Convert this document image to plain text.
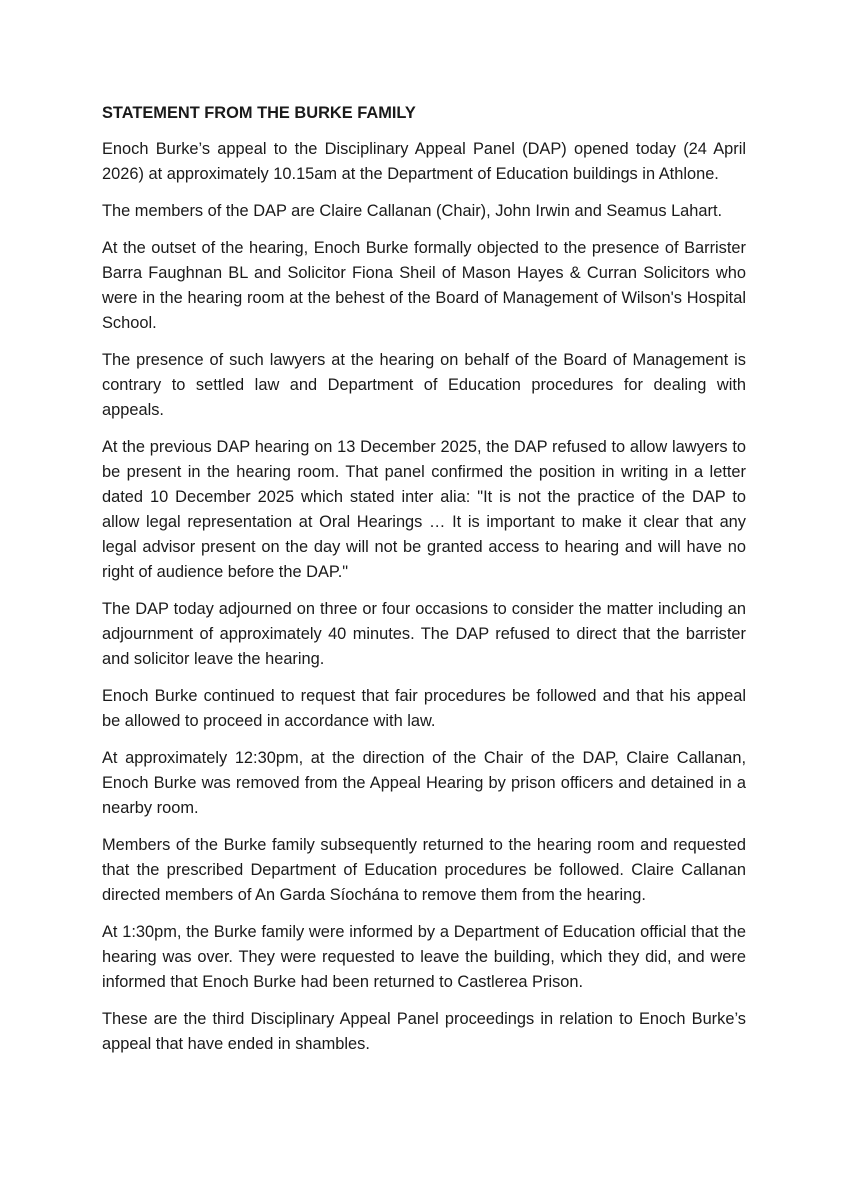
STATEMENT FROM THE BURKE FAMILY

Enoch Burke’s appeal to the Disciplinary Appeal Panel (DAP) opened today (24 April 2026) at approximately 10.15am at the Department of Education buildings in Athlone.

The members of the DAP are Claire Callanan (Chair), John Irwin and Seamus Lahart.

At the outset of the hearing, Enoch Burke formally objected to the presence of Barrister Barra Faughnan BL and Solicitor Fiona Sheil of Mason Hayes & Curran Solicitors who were in the hearing room at the behest of the Board of Management of Wilson's Hospital School.

The presence of such lawyers at the hearing on behalf of the Board of Management is contrary to settled law and Department of Education procedures for dealing with appeals.

At the previous DAP hearing on 13 December 2025, the DAP refused to allow lawyers to be present in the hearing room. That panel confirmed the position in writing in a letter dated 10 December 2025 which stated inter alia: "It is not the practice of the DAP to allow legal representation at Oral Hearings … It is important to make it clear that any legal advisor present on the day will not be granted access to hearing and will have no right of audience before the DAP."

The DAP today adjourned on three or four occasions to consider the matter including an adjournment of approximately 40 minutes. The DAP refused to direct that the barrister and solicitor leave the hearing.

Enoch Burke continued to request that fair procedures be followed and that his appeal be allowed to proceed in accordance with law.

At approximately 12:30pm, at the direction of the Chair of the DAP, Claire Callanan, Enoch Burke was removed from the Appeal Hearing by prison officers and detained in a nearby room.

Members of the Burke family subsequently returned to the hearing room and requested that the prescribed Department of Education procedures be followed. Claire Callanan directed members of An Garda Síochána to remove them from the hearing.

At 1:30pm, the Burke family were informed by a Department of Education official that the hearing was over. They were requested to leave the building, which they did, and were informed that Enoch Burke had been returned to Castlerea Prison.

These are the third Disciplinary Appeal Panel proceedings in relation to Enoch Burke’s appeal that have ended in shambles.
